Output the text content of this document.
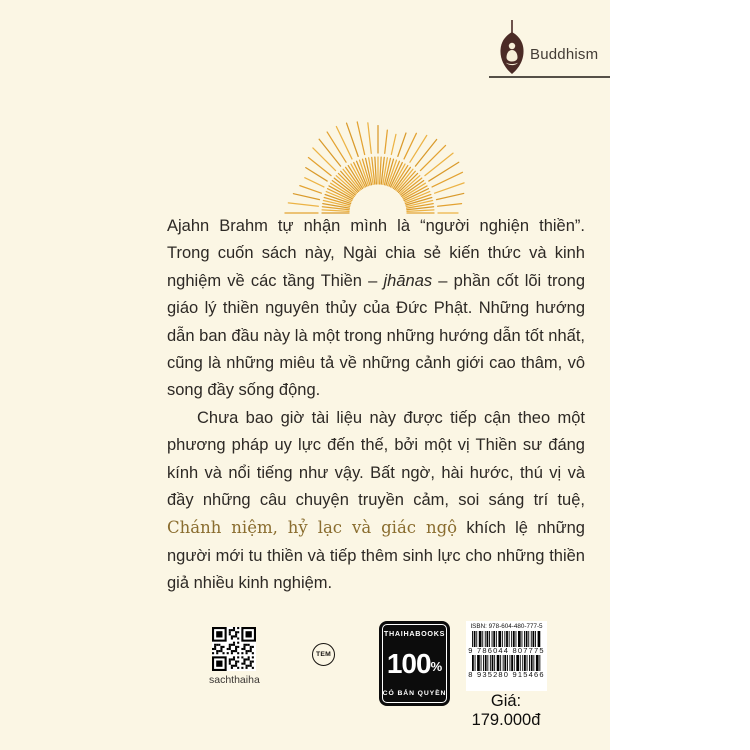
Buddhism

Ajahn Brahm tự nhận mình là “người nghiện thiền”. Trong cuốn sách này, Ngài chia sẻ kiến thức và kinh nghiệm về các tầng Thiền – jhānas – phần cốt lõi trong giáo lý thiền nguyên thủy của Đức Phật. Những hướng dẫn ban đầu này là một trong những hướng dẫn tốt nhất, cũng là những miêu tả về những cảnh giới cao thâm, vô song đầy sống động.

Chưa bao giờ tài liệu này được tiếp cận theo một phương pháp uy lực đến thế, bởi một vị Thiền sư đáng kính và nổi tiếng như vậy. Bất ngờ, hài hước, thú vị và đầy những câu chuyện truyền cảm, soi sáng trí tuệ, Chánh niệm, hỷ lạc và giác ngộ khích lệ những người mới tu thiền và tiếp thêm sinh lực cho những thiền giả nhiều kinh nghiệm.

sachthaiha
TEM
THAIHABOOKS
100 %
CÓ BẢN QUYỀN
ISBN: 978-604-480-777-5
9 786044 807775
8 935280 915466
Giá: 179.000đ
